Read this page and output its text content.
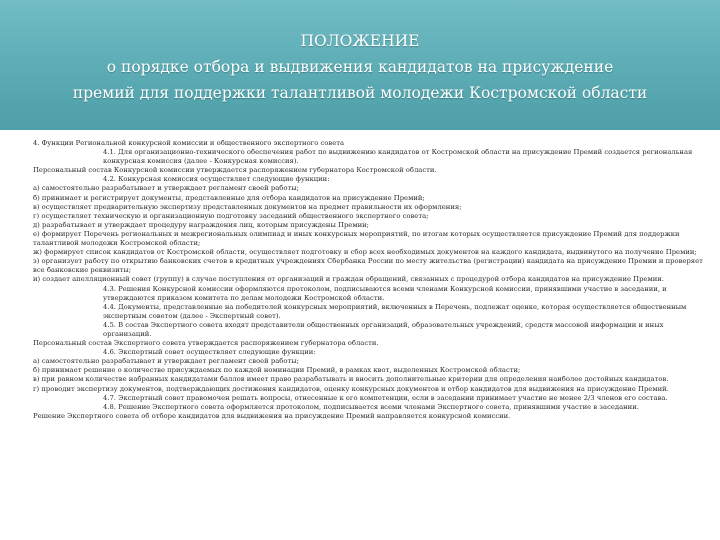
ПОЛОЖЕНИЕ
о порядке отбора и выдвижения кандидатов на присуждение
премий для поддержки талантливой молодежи Костромской области

4. Функции Региональной конкурсной комиссии и общественного экспертного совета

4.1. Для организационно-технического обеспечения работ по выдвижению кандидатов от Костромской области на присуждение Премий создается региональная конкурсная комиссия (далее - Конкурсная комиссия).

Персональный состав Конкурсной комиссии утверждается распоряжением губернатора Костромской области.

4.2. Конкурсная комиссия осуществляет следующие функции:

а) самостоятельно разрабатывает и утверждает регламент своей работы;

б) принимает и регистрирует документы, представленные для отбора кандидатов на присуждение Премий;

в) осуществляет предварительную экспертизу представленных документов на предмет правильности их оформления;

г) осуществляет техническую и организационную подготовку заседаний общественного экспертного совета;

д) разрабатывает и утверждает процедуру награждения лиц, которым присуждены Премии;

е) формирует Перечень региональных и межрегиональных олимпиад и иных конкурсных мероприятий, по итогам которых осуществляется присуждение Премий для поддержки талантливой молодежи Костромской области;

ж) формирует список кандидатов от Костромской области, осуществляет подготовку и сбор всех необходимых документов на каждого кандидата, выдвинутого на получение Премии;

з) организует работу по открытию банковских счетов в кредитных учреждениях Сбербанка России по месту жительства (регистрации) кандидата на присуждение Премии и проверяет все банковские реквизиты;

и) создает апелляционный совет (группу) в случае поступления от организаций и граждан обращений, связанных с процедурой отбора кандидатов на присуждение Премии.

4.3. Решения Конкурсной комиссии оформляются протоколом, подписываются всеми членами Конкурсной комиссии, принявшими участие в заседании, и утверждаются приказом комитета по делам молодежи Костромской области.

4.4. Документы, представленные на победителей конкурсных мероприятий, включенных в Перечень, подлежат оценке, которая осуществляется общественным экспертным советом (далее - Экспертный совет).

4.5. В состав Экспертного совета входят представители общественных организаций, образовательных учреждений, средств массовой информации и иных организаций.

Персональный состав Экспертного совета утверждается распоряжением губернатора области.

4.6. Экспертный совет осуществляет следующие функции:

а) самостоятельно разрабатывает и утверждает регламент своей работы;

б) принимает решение о количестве присуждаемых по каждой номинации Премий, в рамках квот, выделенных Костромской области;

в) при равном количестве набранных кандидатами баллов имеет право разрабатывать и вносить дополнительные критерии для определения наиболее достойных кандидатов.

г) проводит экспертизу документов, подтверждающих достижения кандидатов, оценку конкурсных документов и отбор кандидатов для выдвижения на присуждение Премий.

4.7. Экспертный совет правомочен решать вопросы, отнесенные к его компетенции, если в заседании принимает участие не менее 2/3 членов его состава.

4.8. Решение Экспертного совета оформляется протоколом, подписывается всеми членами Экспертного совета, принявшими участие в заседании.

Решение Экспертного совета об отборе кандидатов для выдвижения на присуждение Премий направляется конкурсной комиссии.
